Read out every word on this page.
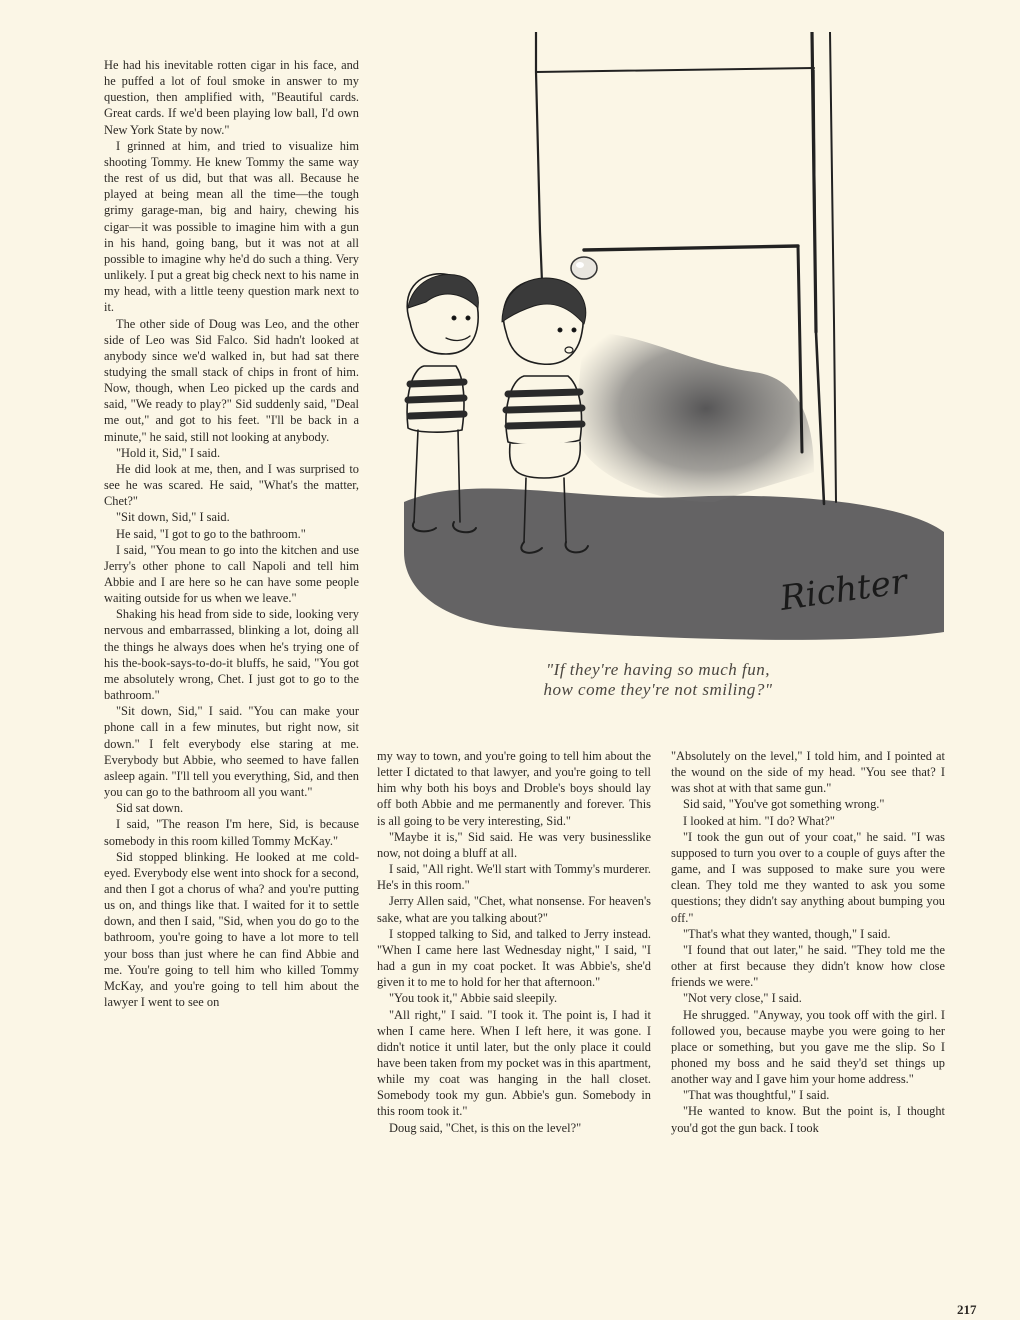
He had his inevitable rotten cigar in his face, and he puffed a lot of foul smoke in answer to my question, then amplified with, "Beautiful cards. Great cards. If we'd been playing low ball, I'd own New York State by now."

I grinned at him, and tried to visualize him shooting Tommy. He knew Tommy the same way the rest of us did, but that was all. Because he played at being mean all the time—the tough grimy garage-man, big and hairy, chewing his cigar—it was possible to imagine him with a gun in his hand, going bang, but it was not at all possible to imagine why he'd do such a thing. Very unlikely. I put a great big check next to his name in my head, with a little teeny question mark next to it.

The other side of Doug was Leo, and the other side of Leo was Sid Falco. Sid hadn't looked at anybody since we'd walked in, but had sat there studying the small stack of chips in front of him. Now, though, when Leo picked up the cards and said, "We ready to play?" Sid suddenly said, "Deal me out," and got to his feet. "I'll be back in a minute," he said, still not looking at anybody.

"Hold it, Sid," I said.

He did look at me, then, and I was surprised to see he was scared. He said, "What's the matter, Chet?"

"Sit down, Sid," I said.

He said, "I got to go to the bathroom."

I said, "You mean to go into the kitchen and use Jerry's other phone to call Napoli and tell him Abbie and I are here so he can have some people waiting outside for us when we leave."

Shaking his head from side to side, looking very nervous and embarrassed, blinking a lot, doing all the things he always does when he's trying one of his the-book-says-to-do-it bluffs, he said, "You got me absolutely wrong, Chet. I just got to go to the bathroom."

"Sit down, Sid," I said. "You can make your phone call in a few minutes, but right now, sit down." I felt everybody else staring at me. Everybody but Abbie, who seemed to have fallen asleep again. "I'll tell you everything, Sid, and then you can go to the bathroom all you want."

Sid sat down.

I said, "The reason I'm here, Sid, is because somebody in this room killed Tommy McKay."

Sid stopped blinking. He looked at me cold-eyed. Everybody else went into shock for a second, and then I got a chorus of wha? and you're putting us on, and things like that. I waited for it to settle down, and then I said, "Sid, when you do go to the bathroom, you're going to have a lot more to tell your boss than just where he can find Abbie and me. You're going to tell him who killed Tommy McKay, and you're going to tell him about the lawyer I went to see on

Richter
"If they're having so much fun,
how come they're not smiling?"

my way to town, and you're going to tell him about the letter I dictated to that lawyer, and you're going to tell him why both his boys and Droble's boys should lay off both Abbie and me permanently and forever. This is all going to be very interesting, Sid."

"Maybe it is," Sid said. He was very businesslike now, not doing a bluff at all.

I said, "All right. We'll start with Tommy's murderer. He's in this room."

Jerry Allen said, "Chet, what nonsense. For heaven's sake, what are you talking about?"

I stopped talking to Sid, and talked to Jerry instead. "When I came here last Wednesday night," I said, "I had a gun in my coat pocket. It was Abbie's, she'd given it to me to hold for her that afternoon."

"You took it," Abbie said sleepily.

"All right," I said. "I took it. The point is, I had it when I came here. When I left here, it was gone. I didn't notice it until later, but the only place it could have been taken from my pocket was in this apartment, while my coat was hanging in the hall closet. Somebody took my gun. Abbie's gun. Somebody in this room took it."

Doug said, "Chet, is this on the level?"

"Absolutely on the level," I told him, and I pointed at the wound on the side of my head. "You see that? I was shot at with that same gun."

Sid said, "You've got something wrong."

I looked at him. "I do? What?"

"I took the gun out of your coat," he said. "I was supposed to turn you over to a couple of guys after the game, and I was supposed to make sure you were clean. They told me they wanted to ask you some questions; they didn't say anything about bumping you off."

"That's what they wanted, though," I said.

"I found that out later," he said. "They told me the other at first because they didn't know how close friends we were."

"Not very close," I said.

He shrugged. "Anyway, you took off with the girl. I followed you, because maybe you were going to her place or something, but you gave me the slip. So I phoned my boss and he said they'd set things up another way and I gave him your home address."

"That was thoughtful," I said.

"He wanted to know. But the point is, I thought you'd got the gun back. I took

217
